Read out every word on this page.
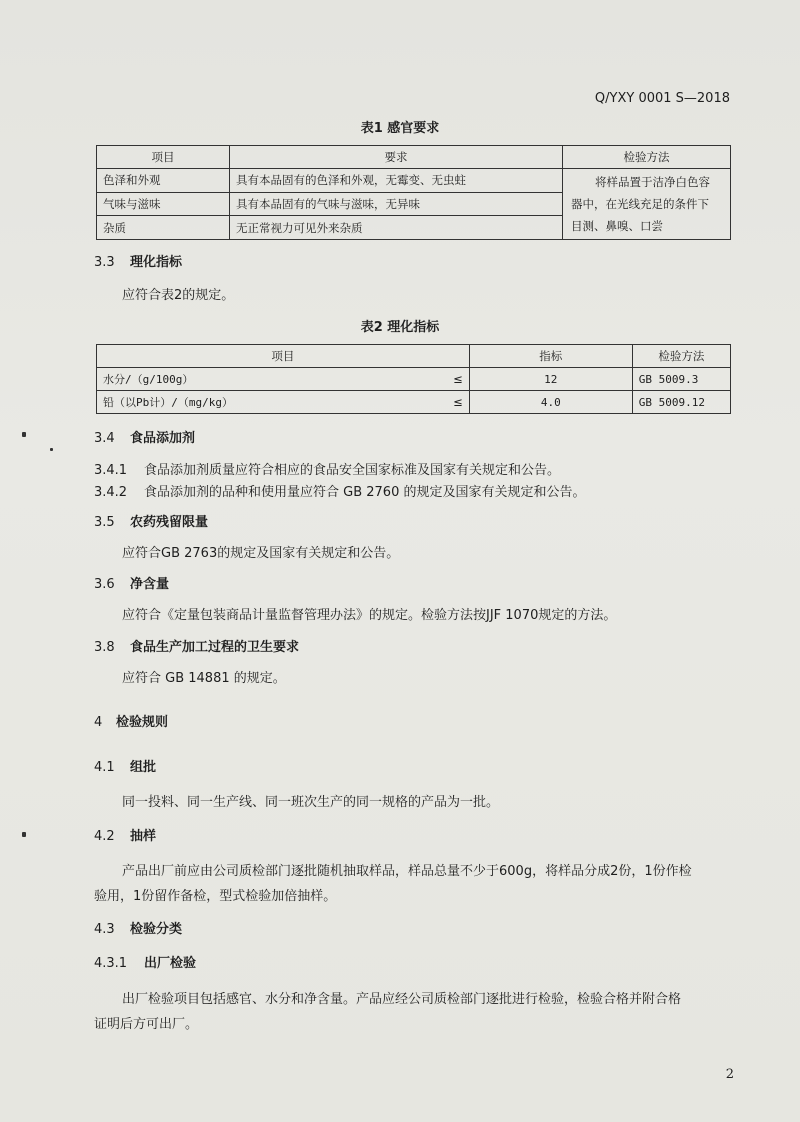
Q/YXY 0001 S—2018
表1 感官要求
项目	要求	检验方法
色泽和外观	具有本品固有的色泽和外观，无霉变、无虫蛀	将样品置于洁净白色容
器中，在光线充足的条件下
目测、鼻嗅、口尝

气味与滋味	具有本品固有的气味与滋味，无异味	
杂质	无正常视力可见外来杂质	
3.3 理化指标
应符合表2的规定。
表2 理化指标
项目		指标	检验方法
水分/（g/100g）	≤	12	GB 5009.3
铅（以Pb计）/（mg/kg）	≤	4.0	GB 5009.12
3.4 食品添加剂
3.4.1 食品添加剂质量应符合相应的食品安全国家标准及国家有关规定和公告。
3.4.2 食品添加剂的品种和使用量应符合 GB 2760 的规定及国家有关规定和公告。
3.5 农药残留限量
应符合GB 2763的规定及国家有关规定和公告。
3.6 净含量
应符合《定量包装商品计量监督管理办法》的规定。检验方法按JJF 1070规定的方法。
3.8 食品生产加工过程的卫生要求
应符合 GB 14881 的规定。
4 检验规则
4.1 组批
同一投料、同一生产线、同一班次生产的同一规格的产品为一批。
4.2 抽样
产品出厂前应由公司质检部门逐批随机抽取样品，样品总量不少于600g，将样品分成2份，1份作检
验用，1份留作备检，型式检验加倍抽样。
4.3 检验分类
4.3.1 出厂检验
出厂检验项目包括感官、水分和净含量。产品应经公司质检部门逐批进行检验，检验合格并附合格
证明后方可出厂。
2
